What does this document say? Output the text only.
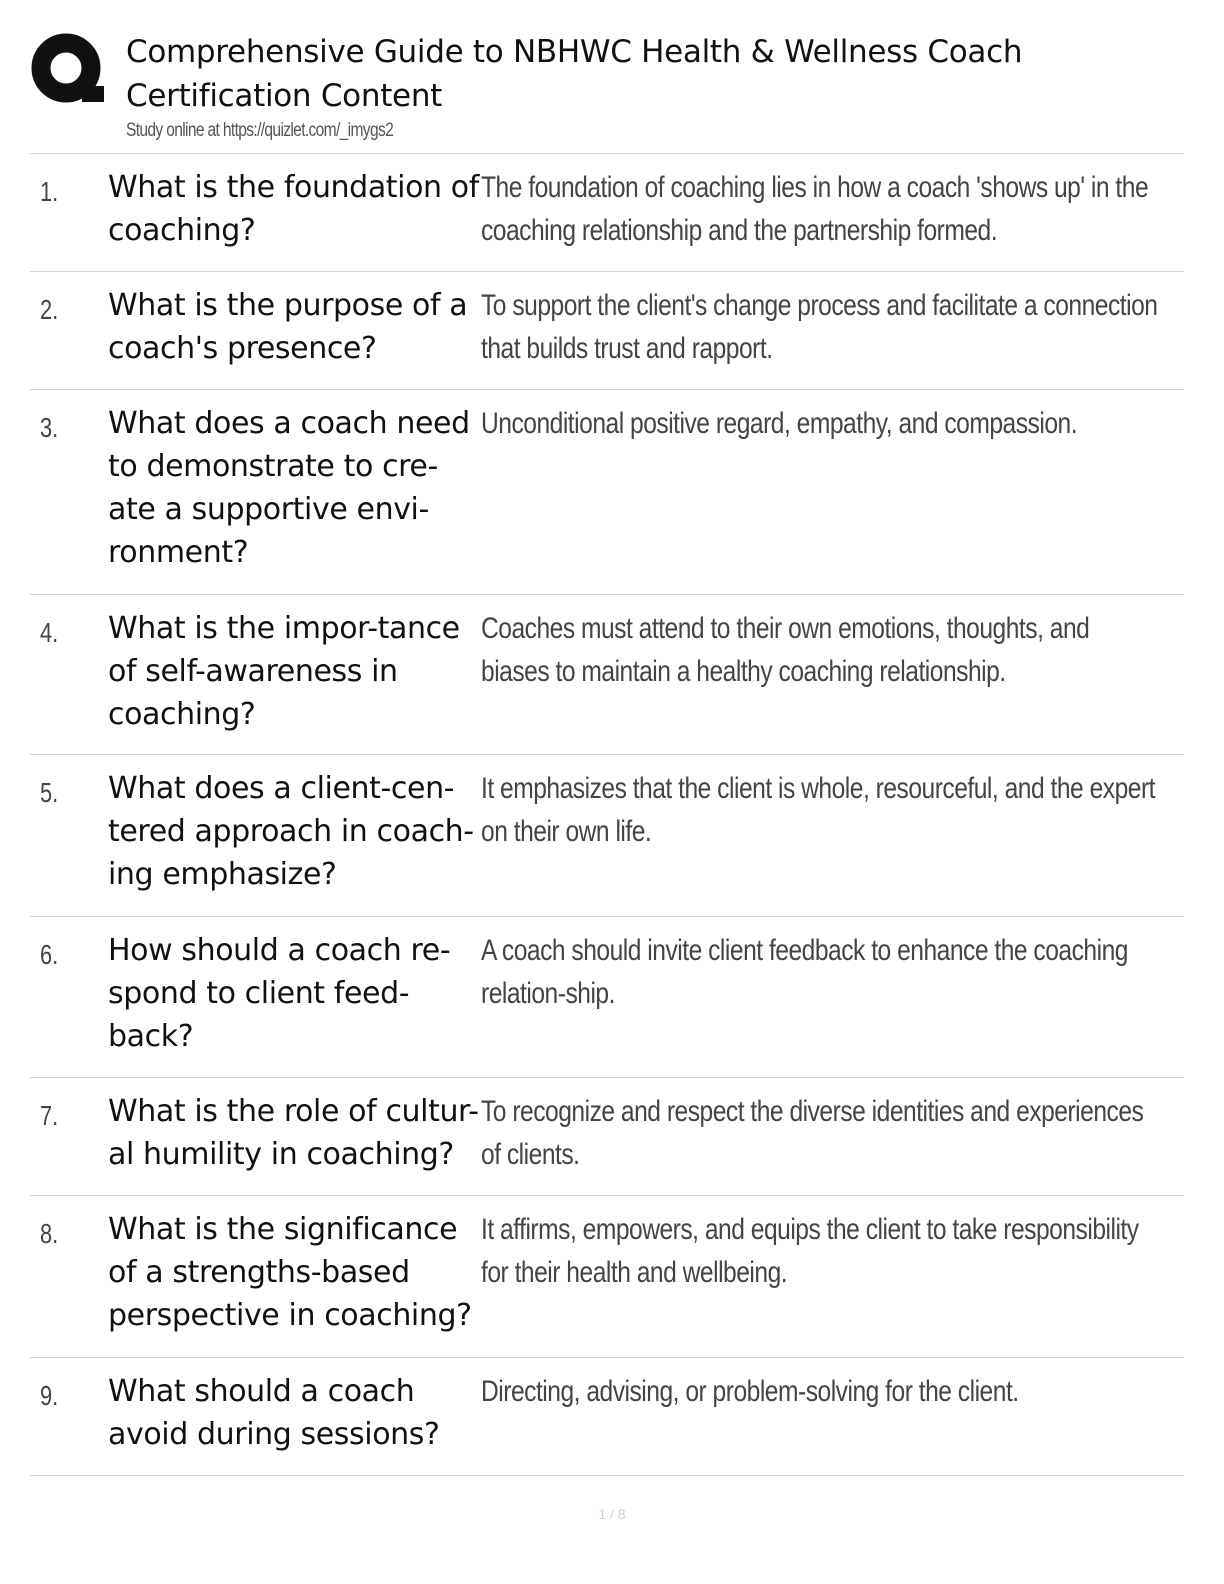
Comprehensive Guide to NBHWC Health & Wellness Coach Certification Content
Study online at https://quizlet.com/_imygs2
1. What is the foundation of coaching?

The foundation of coaching lies in how a coach 'shows up' in the coaching relationship and the partnership formed.

2. What is the purpose of a coach's presence?

To support the client's change process and facilitate a connection that builds trust and rapport.

3. What does a coach need to demonstrate to cre-ate a supportive envi-ronment?

Unconditional positive regard, empathy, and compassion.

4. What is the impor-tance of self-awareness in coaching?

Coaches must attend to their own emotions, thoughts, and biases to maintain a healthy coaching relationship.

5. What does a client-cen-tered approach in coach-ing emphasize?

It emphasizes that the client is whole, resourceful, and the expert on their own life.

6. How should a coach re-spond to client feed-back?

A coach should invite client feedback to enhance the coaching relation-ship.

7. What is the role of cultur-al humility in coaching?

To recognize and respect the diverse identities and experiences of clients.

8. What is the significance of a strengths-based perspective in coaching?

It affirms, empowers, and equips the client to take responsibility for their health and wellbeing.

9. What should a coach avoid during sessions?

Directing, advising, or problem-solving for the client.

1 / 8
